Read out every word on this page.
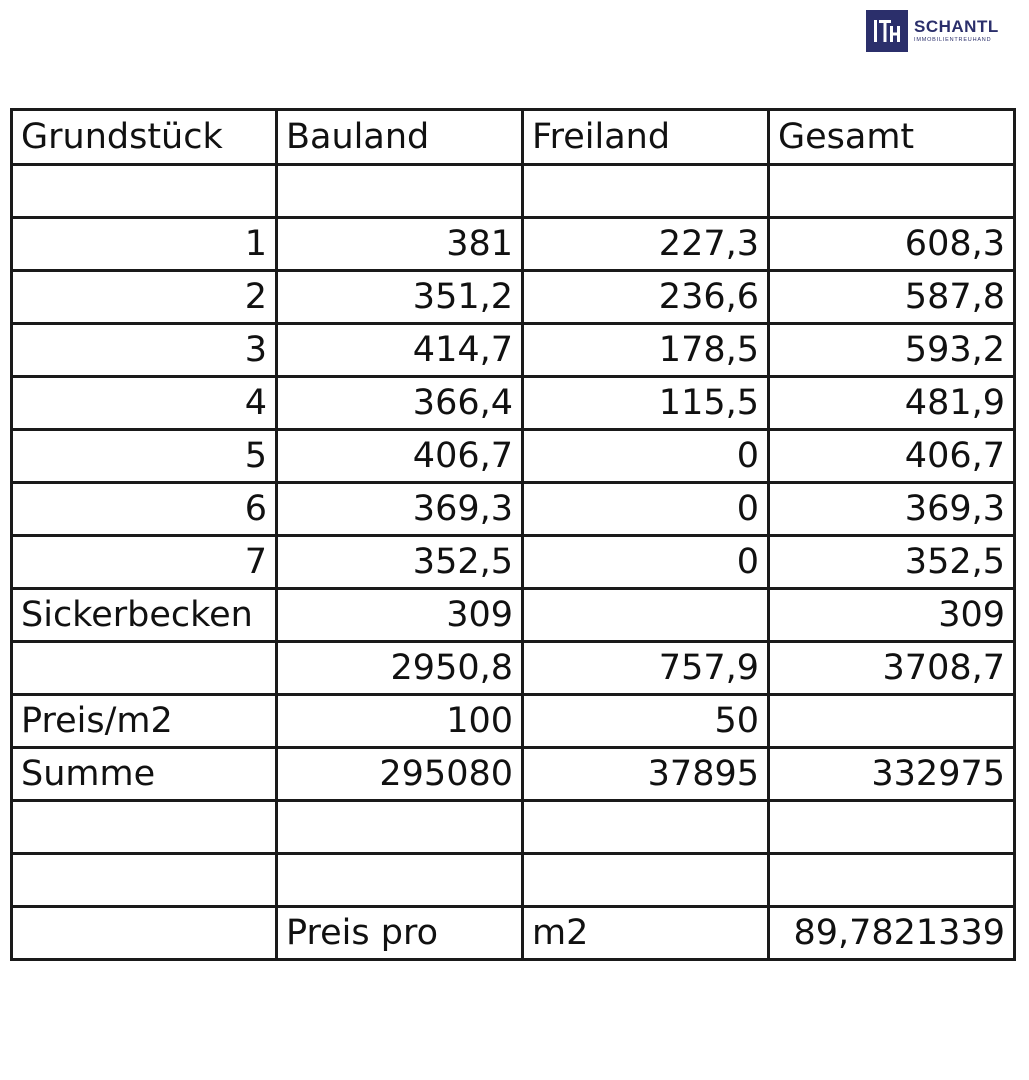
SCHANTL
IMMOBILIENTREUHAND
Grundstück	Bauland	Freiland	Gesamt

1	381	227,3	608,3
2	351,2	236,6	587,8
3	414,7	178,5	593,2
4	366,4	115,5	481,9
5	406,7	0	406,7
6	369,3	0	369,3
7	352,5	0	352,5
Sickerbecken	309		309
	2950,8	757,9	3708,7
Preis/m2	100	50	
Summe	295080	37895	332975

	Preis pro	m2	89,7821339
